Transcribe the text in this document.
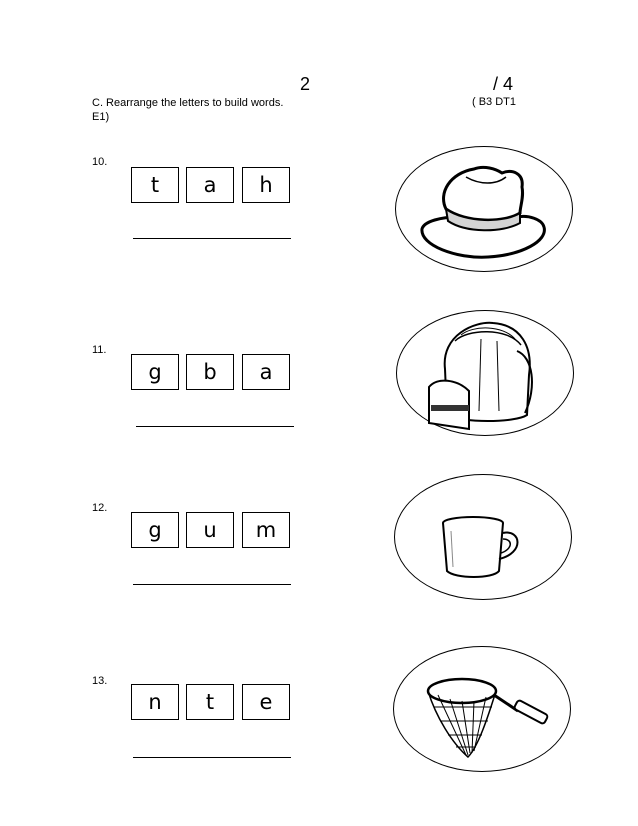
2	/ 4
C. Rearrange the letters to build words.
E1)
( B3 DT1
10.
t	a	h
11.
g	b	a
12.
g	u	m
13.
n	t	e
